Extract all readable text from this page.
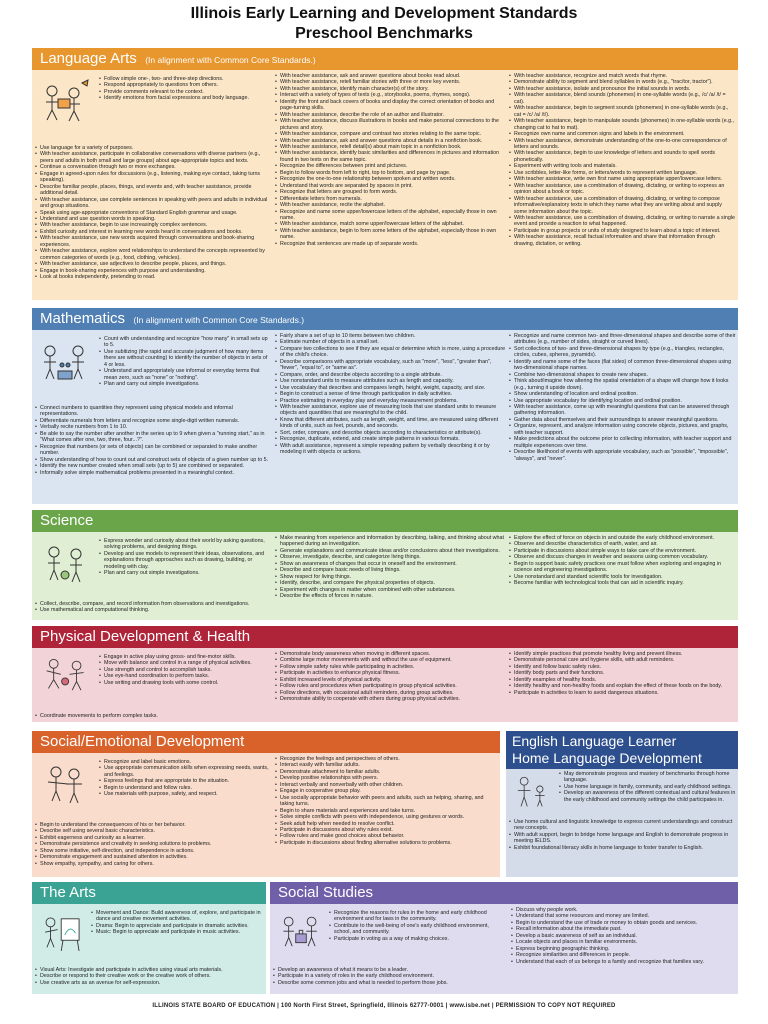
Illinois Early Learning and Development Standards
Preschool Benchmarks
Language Arts (In alignment with Common Core Standards.)
• Follow simple one-, two- and three-step directions.
• Respond appropriately to questions from others.
• Provide comments relevant to the context.
• Identify emotions from facial expressions and body language.
• Use language for a variety of purposes.
• With teacher assistance, participate in collaborative conversations with diverse partners (e.g., peers and adults in both small and large groups) about age-appropriate topics and texts.
• Continue a conversation through two or more exchanges.
• Engage in agreed-upon rules for discussions (e.g., listening, making eye contact, taking turns speaking).
• Describe familiar people, places, things, and events and, with teacher assistance, provide additional detail.
• With teacher assistance, use complete sentences in speaking with peers and adults in individual and group situations.
• Speak using age-appropriate conventions of Standard English grammar and usage.
• Understand and use question words in speaking.
• With teacher assistance, begin to use increasingly complex sentences.
• Exhibit curiosity and interest in learning new words heard in conversations and books.
• With teacher assistance, use new words acquired through conversations and book-sharing experiences.
• With teacher assistance, explore word relationships to understand the concepts represented by common categories of words (e.g., food, clothing, vehicles).
• With teacher assistance, use adjectives to describe people, places, and things.
• Engage in book-sharing experiences with purpose and understanding.
• Look at books independently, pretending to read.
• With teacher assistance, ask and answer questions about books read aloud.
• With teacher assistance, retell familiar stories with three or more key events.
• With teacher assistance, identify main character(s) of the story.
• Interact with a variety of types of texts (e.g., storybooks, poems, rhymes, songs).
• Identify the front and back covers of books and display the correct orientation of books and page-turning skills.
• With teacher assistance, describe the role of an author and illustrator.
• With teacher assistance, discuss illustrations in books and make personal connections to the pictures and story.
• With teacher assistance, compare and contrast two stories relating to the same topic.
• With teacher assistance, ask and answer questions about details in a nonfiction book.
• With teacher assistance, retell detail(s) about main topic in a nonfiction book.
• With teacher assistance, identify basic similarities and differences in pictures and information found in two texts on the same topic.
• Recognize the differences between print and pictures.
• Begin to follow words from left to right, top to bottom, and page by page.
• Recognize the one-to-one relationship between spoken and written words.
• Understand that words are separated by spaces in print.
• Recognize that letters are grouped to form words.
• Differentiate letters from numerals.
• With teacher assistance, recite the alphabet.
• Recognize and name some upper/lowercase letters of the alphabet, especially those in own name.
• With teacher assistance, match some upper/lowercase letters of the alphabet.
• With teacher assistance, begin to form some letters of the alphabet, especially those in own name.
• Recognize that sentences are made up of separate words.
• With teacher assistance, recognize and match words that rhyme.
• Demonstrate ability to segment and blend syllables in words (e.g., "trac/tor, tractor").
• With teacher assistance, isolate and pronounce the initial sounds in words.
• With teacher assistance, blend sounds (phonemes) in one-syllable words (e.g., /c/ /a/ /t/ = cat).
• With teacher assistance, begin to segment sounds (phonemes) in one-syllable words (e.g., cat = /c/ /a/ /t/).
• With teacher assistance, begin to manipulate sounds (phonemes) in one-syllable words (e.g., changing cat to hat to mat).
• Recognize own name and common signs and labels in the environment.
• With teacher assistance, demonstrate understanding of the one-to-one correspondence of letters and sounds.
• With teacher assistance, begin to use knowledge of letters and sounds to spell words phonetically.
• Experiment with writing tools and materials.
• Use scribbles, letter-like forms, or letters/words to represent written language.
• With teacher assistance, write own first name using appropriate upper/lowercase letters.
• With teacher assistance, use a combination of drawing, dictating, or writing to express an opinion about a book or topic.
• With teacher assistance, use a combination of drawing, dictating, or writing to compose informative/explanatory texts in which they name what they are writing about and supply some information about the topic.
• With teacher assistance, use a combination of drawing, dictating, or writing to narrate a single event and provide a reaction to what happened.
• Participate in group projects or units of study designed to learn about a topic of interest.
• With teacher assistance, recall factual information and share that information through drawing, dictation, or writing.
Mathematics (In alignment with Common Core Standards.)
• Count with understanding and recognize "how many" in small sets up to 5.
• Use subitizing (the rapid and accurate judgment of how many items there are without counting) to identify the number of objects in sets of 4 or less.
• Understand and appropriately use informal or everyday terms that mean zero, such as "none" or "nothing".
• Plan and carry out simple investigations.
• Connect numbers to quantities they represent using physical models and informal representations.
• Differentiate numerals from letters and recognize some single-digit written numerals.
• Verbally recite numbers from 1 to 10.
• Be able to say the number after another in the series up to 9 when given a "running start," as in "What comes after one, two, three, four...?".
• Recognize that numbers (or sets of objects) can be combined or separated to make another number.
• Show understanding of how to count out and construct sets of objects of a given number up to 5.
• Identify the new number created when small sets (up to 5) are combined or separated.
• Informally solve simple mathematical problems presented in a meaningful context.
• Fairly share a set of up to 10 items between two children.
• Estimate number of objects in a small set.
• Compare two collections to see if they are equal or determine which is more, using a procedure of the child's choice.
• Describe comparisons with appropriate vocabulary, such as "more", "less", "greater than", "fewer", "equal to", or "same as".
• Compare, order, and describe objects according to a single attribute.
• Use nonstandard units to measure attributes such as length and capacity.
• Use vocabulary that describes and compares length, height, weight, capacity, and size.
• Begin to construct a sense of time through participation in daily activities.
• Practice estimating in everyday play and everyday measurement problems.
• With teacher assistance, explore use of measuring tools that use standard units to measure objects and quantities that are meaningful to the child.
• Know that different attributes, such as length, weight, and time, are measured using different kinds of units, such as feet, pounds, and seconds.
• Sort, order, compare, and describe objects according to characteristics or attribute(s).
• Recognize, duplicate, extend, and create simple patterns in various formats.
• With adult assistance, represent a simple repeating pattern by verbally describing it or by modeling it with objects or actions.
• Recognize and name common two- and three-dimensional shapes and describe some of their attributes (e.g., number of sides, straight or curved lines).
• Sort collections of two- and three-dimensional shapes by type (e.g., triangles, rectangles, circles, cubes, spheres, pyramids).
• Identify and name some of the faces (flat sides) of common three-dimensional shapes using two-dimensional shape names.
• Combine two-dimensional shapes to create new shapes.
• Think about/imagine how altering the spatial orientation of a shape will change how it looks (e.g., turning it upside down).
• Show understanding of location and ordinal position.
• Use appropriate vocabulary for identifying location and ordinal position.
• With teacher assistance, come up with meaningful questions that can be answered through gathering information.
• Gather data about themselves and their surroundings to answer meaningful questions.
• Organize, represent, and analyze information using concrete objects, pictures, and graphs, with teacher support.
• Make predictions about the outcome prior to collecting information, with teacher support and multiple experiences over time.
• Describe likelihood of events with appropriate vocabulary, such as "possible", "impossible", "always", and "never".
Science
• Express wonder and curiosity about their world by asking questions, solving problems, and designing things.
• Develop and use models to represent their ideas, observations, and explanations through approaches such as drawing, building, or modeling with clay.
• Plan and carry out simple investigations.
• Collect, describe, compare, and record information from observations and investigations.
• Use mathematical and computational thinking.
• Make meaning from experience and information by describing, talking, and thinking about what happened during an investigation.
• Generate explanations and communicate ideas and/or conclusions about their investigations.
• Observe, investigate, describe, and categorize living things.
• Show an awareness of changes that occur in oneself and the environment.
• Describe and compare basic needs of living things.
• Show respect for living things.
• Identify, describe, and compare the physical properties of objects.
• Experiment with changes in matter when combined with other substances.
• Describe the effects of forces in nature.
• Explore the effect of force on objects in and outside the early childhood environment.
• Observe and describe characteristics of earth, water, and air.
• Participate in discussions about simple ways to take care of the environment.
• Observe and discuss changes in weather and seasons using common vocabulary.
• Begin to support basic safety practices one must follow when exploring and engaging in science and engineering investigations.
• Use nonstandard and standard scientific tools for investigation.
• Become familiar with technological tools that can aid in scientific inquiry.
Physical Development & Health
• Engage in active play using gross- and fine-motor skills.
• Move with balance and control in a range of physical activities.
• Use strength and control to accomplish tasks.
• Use eye-hand coordination to perform tasks.
• Use writing and drawing tools with some control.
• Coordinate movements to perform complex tasks.
• Demonstrate body awareness when moving in different spaces.
• Combine large motor movements with and without the use of equipment.
• Follow simple safety rules while participating in activities.
• Participate in activities to enhance physical fitness.
• Exhibit increased levels of physical activity.
• Follow rules and procedures when participating in group physical activities.
• Follow directions, with occasional adult reminders, during group activities.
• Demonstrate ability to cooperate with others during group physical activities.
• Identify simple practices that promote healthy living and prevent illness.
• Demonstrate personal care and hygiene skills, with adult reminders.
• Identify and follow basic safety rules.
• Identify body parts and their functions.
• Identify examples of healthy foods.
• Identify healthy and non-healthy foods and explain the effect of these foods on the body.
• Participate in activities to learn to avoid dangerous situations.
Social/Emotional Development
• Recognize and label basic emotions.
• Use appropriate communication skills when expressing needs, wants, and feelings.
• Express feelings that are appropriate to the situation.
• Begin to understand and follow rules.
• Use materials with purpose, safety, and respect.
• Begin to understand the consequences of his or her behavior.
• Describe self using several basic characteristics.
• Exhibit eagerness and curiosity as a learner.
• Demonstrate persistence and creativity in seeking solutions to problems.
• Show some initiative, self-direction, and independence in actions.
• Demonstrate engagement and sustained attention in activities.
• Show empathy, sympathy, and caring for others.
• Recognize the feelings and perspectives of others.
• Interact easily with familiar adults.
• Demonstrate attachment to familiar adults.
• Develop positive relationships with peers.
• Interact verbally and nonverbally with other children.
• Engage in cooperative group play.
• Use socially appropriate behavior with peers and adults, such as helping, sharing, and taking turns.
• Begin to share materials and experiences and take turns.
• Solve simple conflicts with peers with independence, using gestures or words.
• Seek adult help when needed to resolve conflict.
• Participate in discussions about why rules exist.
• Follow rules and make good choices about behavior.
• Participate in discussions about finding alternative solutions to problems.
English Language Learner
Home Language Development
• May demonstrate progress and mastery of benchmarks through home language.
• Use home language in family, community, and early childhood settings.
• Develop an awareness of the different contextual and cultural features in the early childhood and community settings the child participates in.
• Use home cultural and linguistic knowledge to express current understandings and construct new concepts.
• With adult support, begin to bridge home language and English to demonstrate progress in meeting IELDS.
• Exhibit foundational literacy skills in home language to foster transfer to English.
The Arts
• Movement and Dance: Build awareness of, explore, and participate in dance and creative movement activities.
• Drama: Begin to appreciate and participate in dramatic activities.
• Music: Begin to appreciate and participate in music activities.
• Visual Arts: Investigate and participate in activities using visual arts materials.
• Describe or respond to their creative work or the creative work of others.
• Use creative arts as an avenue for self-expression.
Social Studies
• Recognize the reasons for rules in the home and early childhood environment and for laws in the community.
• Contribute to the well-being of one's early childhood environment, school, and community.
• Participate in voting as a way of making choices.
• Develop an awareness of what it means to be a leader.
• Participate in a variety of roles in the early childhood environment.
• Describe some common jobs and what is needed to perform those jobs.
• Discuss why people work.
• Understand that some resources and money are limited.
• Begin to understand the use of trade or money to obtain goods and services.
• Recall information about the immediate past.
• Develop a basic awareness of self as an individual.
• Locate objects and places in familiar environments.
• Express beginning geographic thinking.
• Recognize similarities and differences in people.
• Understand that each of us belongs to a family and recognize that families vary.
ILLINOIS STATE BOARD OF EDUCATION | 100 North First Street, Springfield, Illinois 62777-0001 | www.isbe.net | PERMISSION TO COPY NOT REQUIRED
